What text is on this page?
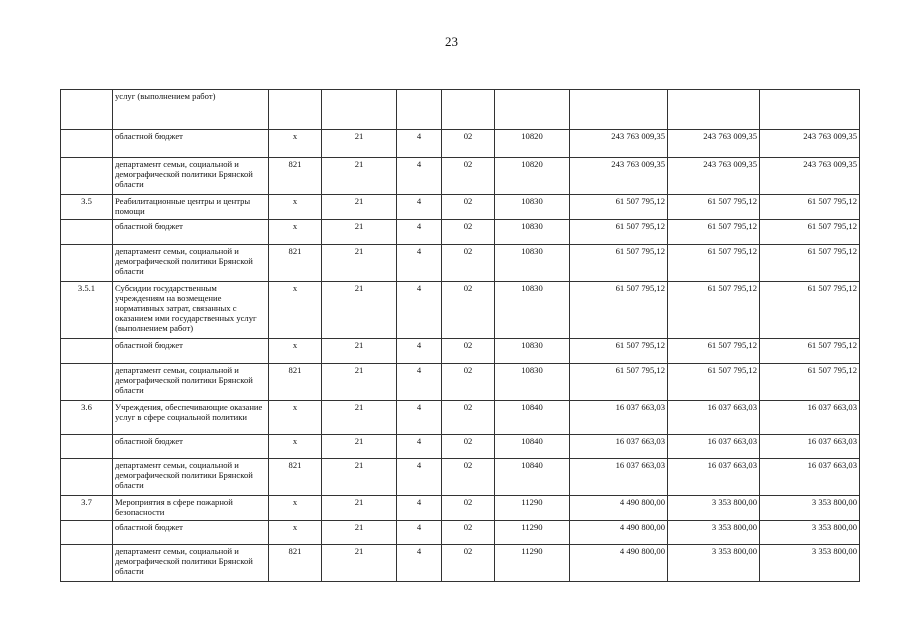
23
	услуг (выполнением работ)								
	областной бюджет	х	21	4	02	10820	243 763 009,35	243 763 009,35	243 763 009,35
	департамент семьи, социальной и демографической политики Брянской области	821	21	4	02	10820	243 763 009,35	243 763 009,35	243 763 009,35
3.5	Реабилитационные центры и центры помощи	х	21	4	02	10830	61 507 795,12	61 507 795,12	61 507 795,12
	областной бюджет	х	21	4	02	10830	61 507 795,12	61 507 795,12	61 507 795,12
	департамент семьи, социальной и демографической политики Брянской области	821	21	4	02	10830	61 507 795,12	61 507 795,12	61 507 795,12
3.5.1	Субсидии государственным учреждениям на возмещение нормативных затрат, связанных с оказанием ими государственных услуг (выполнением работ)	х	21	4	02	10830	61 507 795,12	61 507 795,12	61 507 795,12
	областной бюджет	х	21	4	02	10830	61 507 795,12	61 507 795,12	61 507 795,12
	департамент семьи, социальной и демографической политики Брянской области	821	21	4	02	10830	61 507 795,12	61 507 795,12	61 507 795,12
3.6	Учреждения, обеспечивающие оказание услуг в сфере социальной политики	х	21	4	02	10840	16 037 663,03	16 037 663,03	16 037 663,03
	областной бюджет	х	21	4	02	10840	16 037 663,03	16 037 663,03	16 037 663,03
	департамент семьи, социальной и демографической политики Брянской области	821	21	4	02	10840	16 037 663,03	16 037 663,03	16 037 663,03
3.7	Мероприятия в сфере пожарной безопасности	х	21	4	02	11290	4 490 800,00	3 353 800,00	3 353 800,00
	областной бюджет	х	21	4	02	11290	4 490 800,00	3 353 800,00	3 353 800,00
	департамент семьи, социальной и демографической политики Брянской области	821	21	4	02	11290	4 490 800,00	3 353 800,00	3 353 800,00
